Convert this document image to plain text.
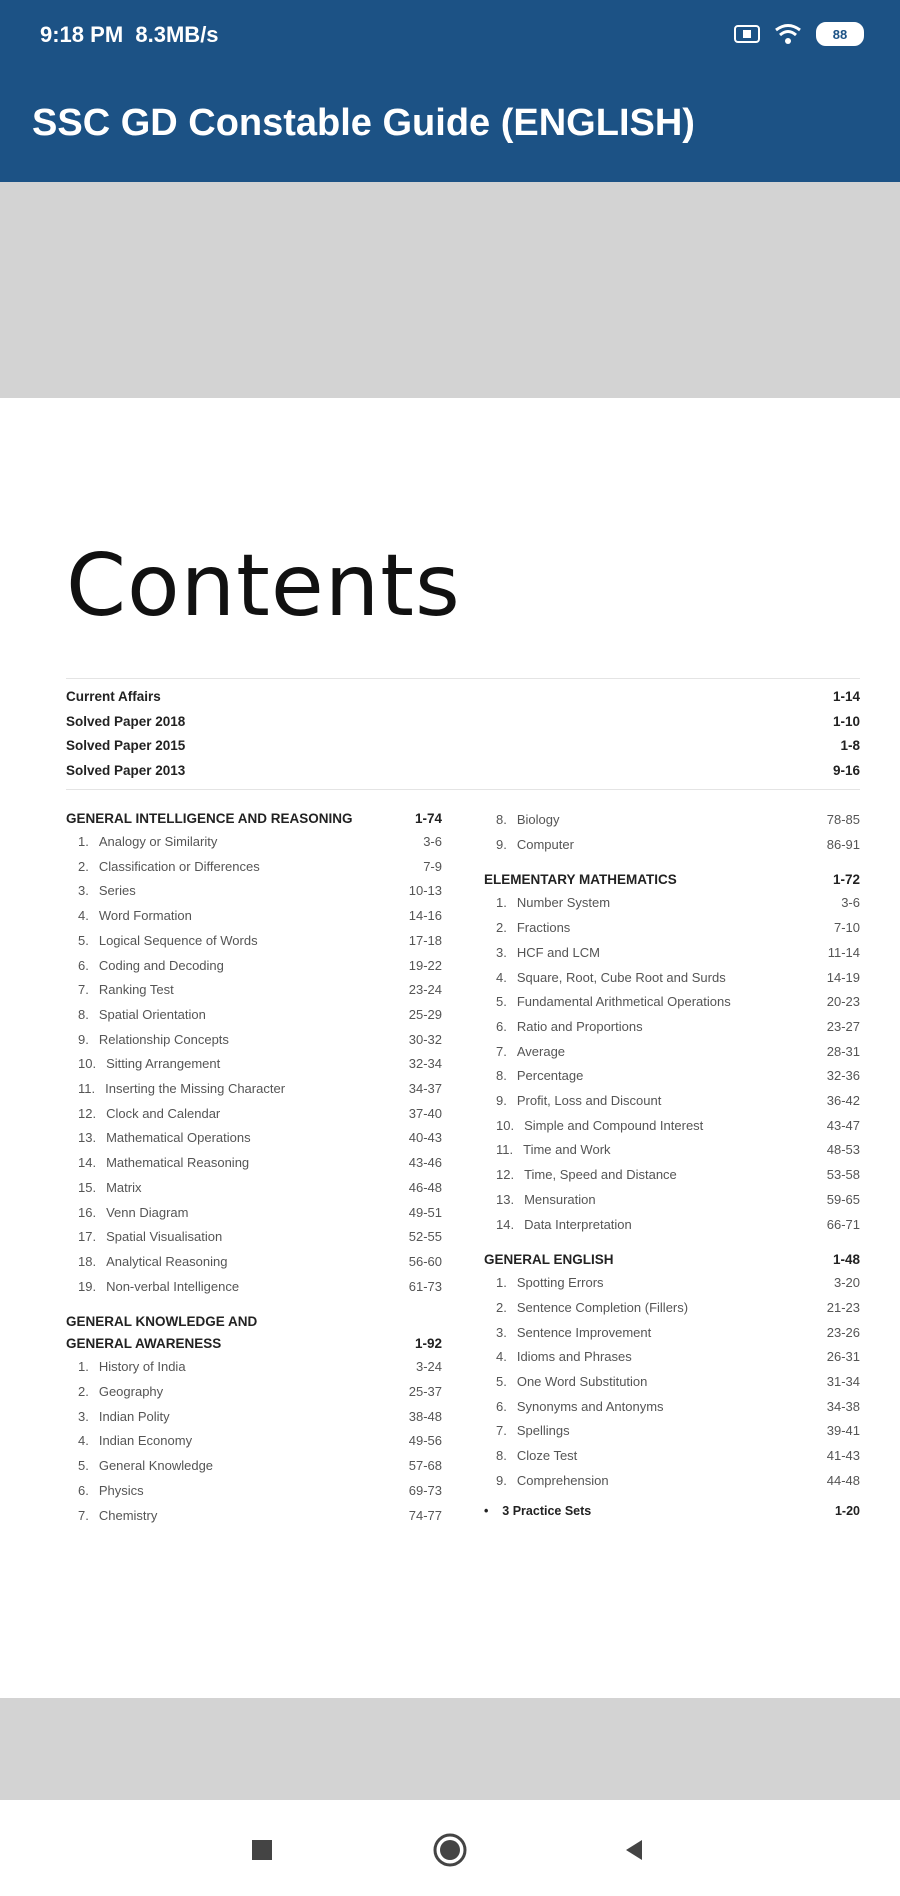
9:18 PM 8.3MB/s	88
SSC GD Constable Guide (ENGLISH)
Contents
Current Affairs	1-14
Solved Paper 2018	1-10
Solved Paper 2015	1-8
Solved Paper 2013	9-16
GENERAL INTELLIGENCE AND REASONING	1-74
1. Analogy or Similarity	3-6
2. Classification or Differences	7-9
3. Series	10-13
4. Word Formation	14-16
5. Logical Sequence of Words	17-18
6. Coding and Decoding	19-22
7. Ranking Test	23-24
8. Spatial Orientation	25-29
9. Relationship Concepts	30-32
10. Sitting Arrangement	32-34
11. Inserting the Missing Character	34-37
12. Clock and Calendar	37-40
13. Mathematical Operations	40-43
14. Mathematical Reasoning	43-46
15. Matrix	46-48
16. Venn Diagram	49-51
17. Spatial Visualisation	52-55
18. Analytical Reasoning	56-60
19. Non-verbal Intelligence	61-73
GENERAL KNOWLEDGE AND
GENERAL AWARENESS	1-92
1. History of India	3-24
2. Geography	25-37
3. Indian Polity	38-48
4. Indian Economy	49-56
5. General Knowledge	57-68
6. Physics	69-73
7. Chemistry	74-77
8. Biology	78-85
9. Computer	86-91
ELEMENTARY MATHEMATICS	1-72
1. Number System	3-6
2. Fractions	7-10
3. HCF and LCM	11-14
4. Square, Root, Cube Root and Surds	14-19
5. Fundamental Arithmetical Operations	20-23
6. Ratio and Proportions	23-27
7. Average	28-31
8. Percentage	32-36
9. Profit, Loss and Discount	36-42
10. Simple and Compound Interest	43-47
11. Time and Work	48-53
12. Time, Speed and Distance	53-58
13. Mensuration	59-65
14. Data Interpretation	66-71
GENERAL ENGLISH	1-48
1. Spotting Errors	3-20
2. Sentence Completion (Fillers)	21-23
3. Sentence Improvement	23-26
4. Idioms and Phrases	26-31
5. One Word Substitution	31-34
6. Synonyms and Antonyms	34-38
7. Spellings	39-41
8. Cloze Test	41-43
9. Comprehension	44-48
• 3 Practice Sets	1-20
